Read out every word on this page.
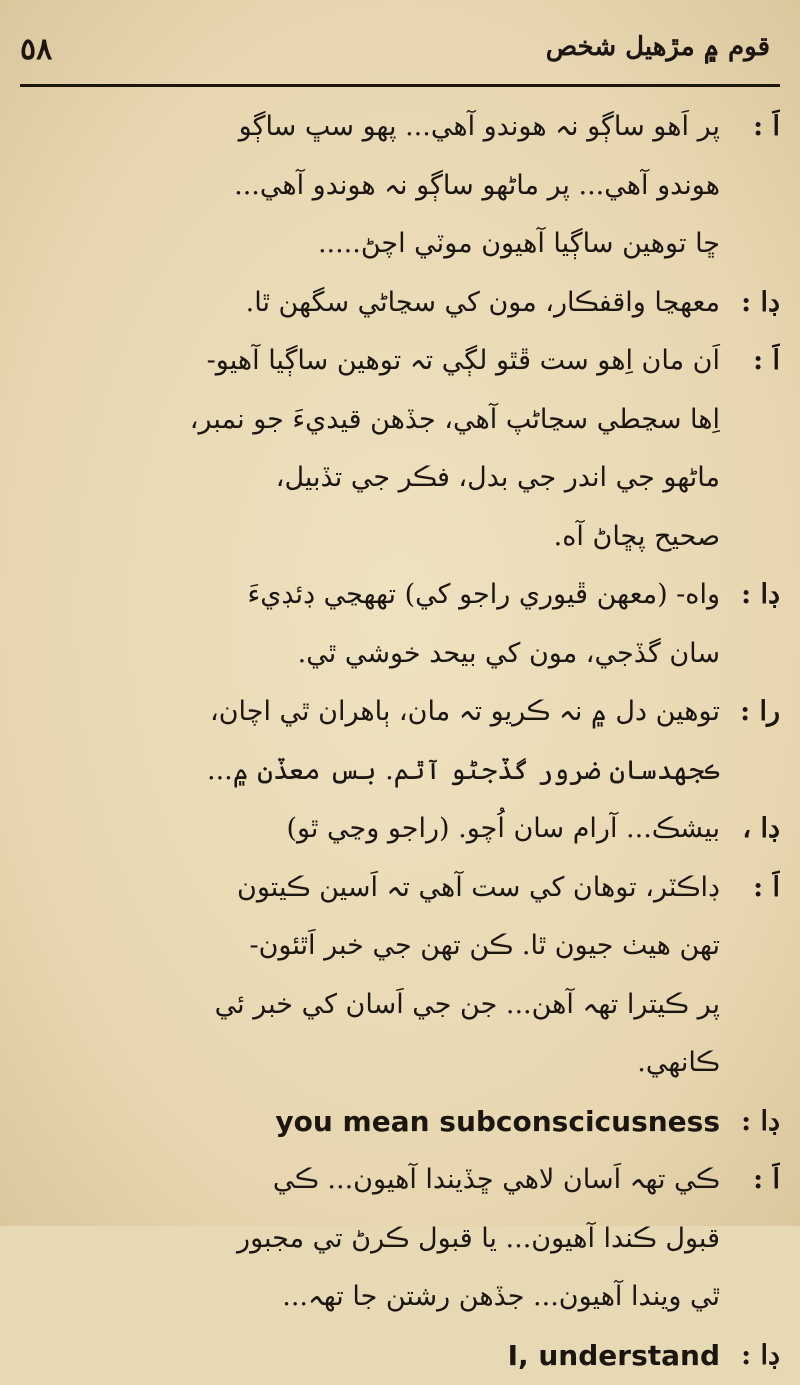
٥٨	قوم ۾ مڙهيل شخص
اَ :
پر اَهو ساڳو نہ هوندو آهي... پهو سڀ ساڳو
هوندو آهي... پر ماڻهو ساڳو نہ هوندو آهي...
ڇا توهين ساڳيا آهيون موٽي اچڻ.....
ڊا :
معهڃا واقفڪار، مون کي سڃاڻي سگهن ٿا.
اَ :
اَن مان اِهو ست ڦٿو لڳي تہ توهين ساڳيا آهيو-
اِها سڃطي سڃاڻپ آهي، جڏهن قيديءَ جو نمبر،
ماڻهو جي اندر جي بدل، فڪر جي تڏبيل،
صحيح پڇاڻ آه.
ڊا :
واه- (معهن ڦيوري راجو کي) تههڃي ڊئڊيءَ
سان گڏجي، مون کي بيحد خوشي ٿي.
را :
توهين دل ۾ نہ ڪريو تہ مان، ٻاهران ٿي اچان،
ڪجهدسان ضرور گڏجڻو آٿم. بس معڏن ۾...
ڊا ،
بيشڪ... آرام سان اُچو. (راجو وڃي ٿو)
اَ :
ڊاڪٽر، توهان کي ست آهي تہ اَسين ڪيتون
تهن هيٺ جيون ٿا. ڪن تهن جي خبر اَٿئون-
پر ڪيترا تهہ آهن... جن جي اَسان کي خبر ئي
ڪانهي.
ڊا :
you mean subconscicusness
اَ :
ڪي تهہ اَسان لاهي ڇڏيندا آهيون... ڪي
قبول ڪندا آهيون... يا قبول ڪرڻ تي مجبور
ٿي ويندا آهيون... جڏهن رشتن جا تهہ...
ڊا :
I, understand
